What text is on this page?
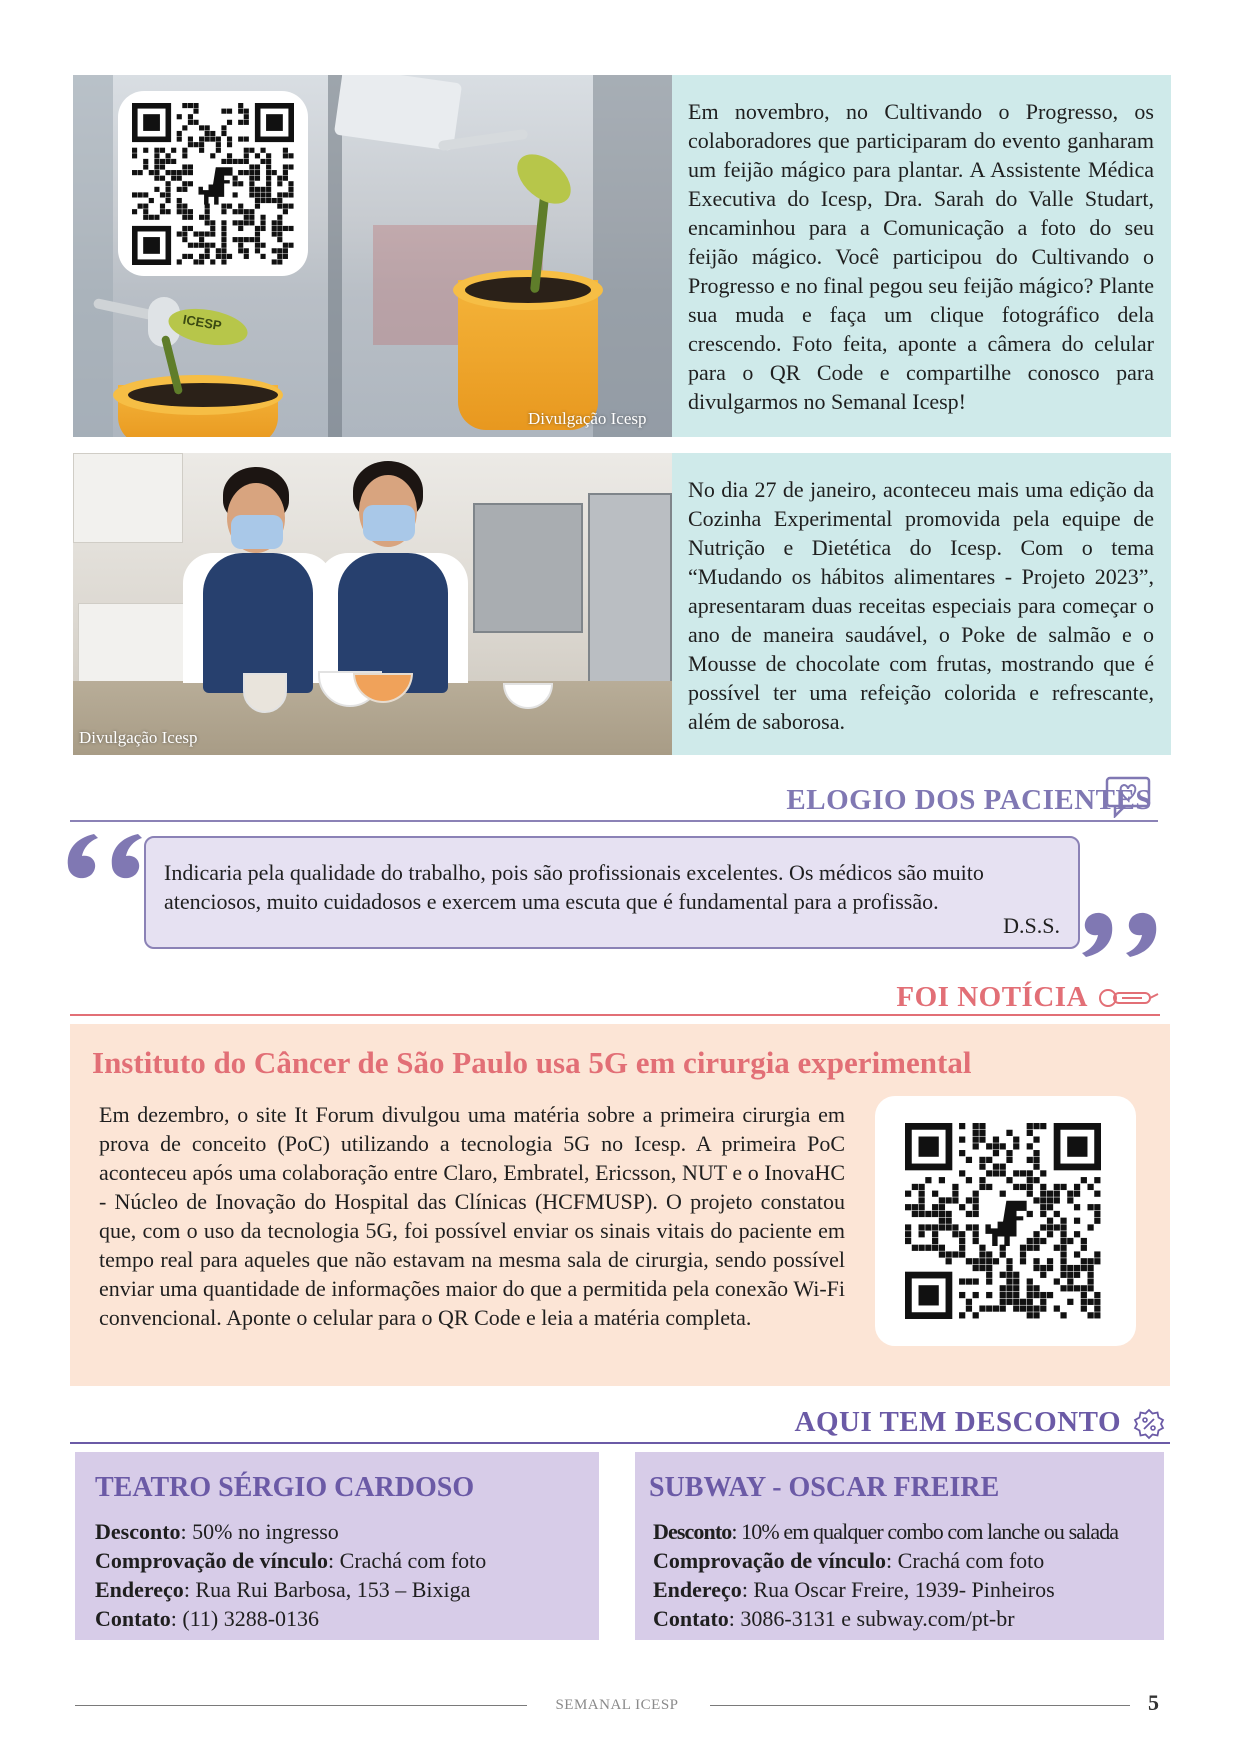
ICESP
Divulgação Icesp
Em novembro, no Cultivando o Progresso, os colaboradores que participaram do evento ganharam um feijão mágico para plantar. A Assistente Médica Executiva do Icesp, Dra. Sarah do Valle Studart, encaminhou para a Comunicação a foto do seu feijão mágico. Você participou do Cultivando o Progresso e no final pegou seu feijão mágico? Plante sua muda e faça um clique fotográfico dela crescendo. Foto feita, aponte a câmera do celular para o QR Code e compartilhe conosco para divulgarmos no Semanal Icesp!
Divulgação Icesp
No dia 27 de janeiro, aconteceu mais uma edição da Cozinha Experimental promovida pela equipe de Nutrição e Dietética do Icesp. Com o tema “Mudando os hábitos alimentares - Projeto 2023”, apresentaram duas receitas especiais para começar o ano de maneira saudável, o Poke de salmão e o Mousse de chocolate com frutas, mostrando que é possível ter uma refeição colorida e refrescante, além de saborosa.
ELOGIO DOS PACIENTES
Indicaria pela qualidade do trabalho, pois são profissionais excelentes. Os médicos são muito atenciosos, muito cuidadosos e exercem uma escuta que é fundamental para a profissão.
D.S.S.
FOI NOTÍCIA
Instituto do Câncer de São Paulo usa 5G em cirurgia experimental
Em dezembro, o site It Forum divulgou uma matéria sobre a primeira cirurgia em prova de conceito (PoC) utilizando a tecnologia 5G no Icesp. A primeira PoC aconteceu após uma colaboração entre Claro, Embratel, Ericsson, NUT e o InovaHC - Núcleo de Inovação do Hospital das Clínicas (HCFMUSP). O projeto constatou que, com o uso da tecnologia 5G, foi possível enviar os sinais vitais do paciente em tempo real para aqueles que não estavam na mesma sala de cirurgia, sendo possível enviar uma quantidade de informações maior do que a permitida pela conexão Wi-Fi convencional. Aponte o celular para o QR Code e leia a matéria completa.
AQUI TEM DESCONTO
TEATRO SÉRGIO CARDOSO
Desconto: 50% no ingresso
Comprovação de vínculo: Crachá com foto
Endereço: Rua Rui Barbosa, 153 – Bixiga
Contato: (11) 3288-0136
SUBWAY - OSCAR FREIRE
Desconto: 10% em qualquer combo com lanche ou salada
Comprovação de vínculo: Crachá com foto
Endereço: Rua Oscar Freire, 1939- Pinheiros
Contato: 3086-3131 e subway.com/pt-br
SEMANAL ICESP	5
